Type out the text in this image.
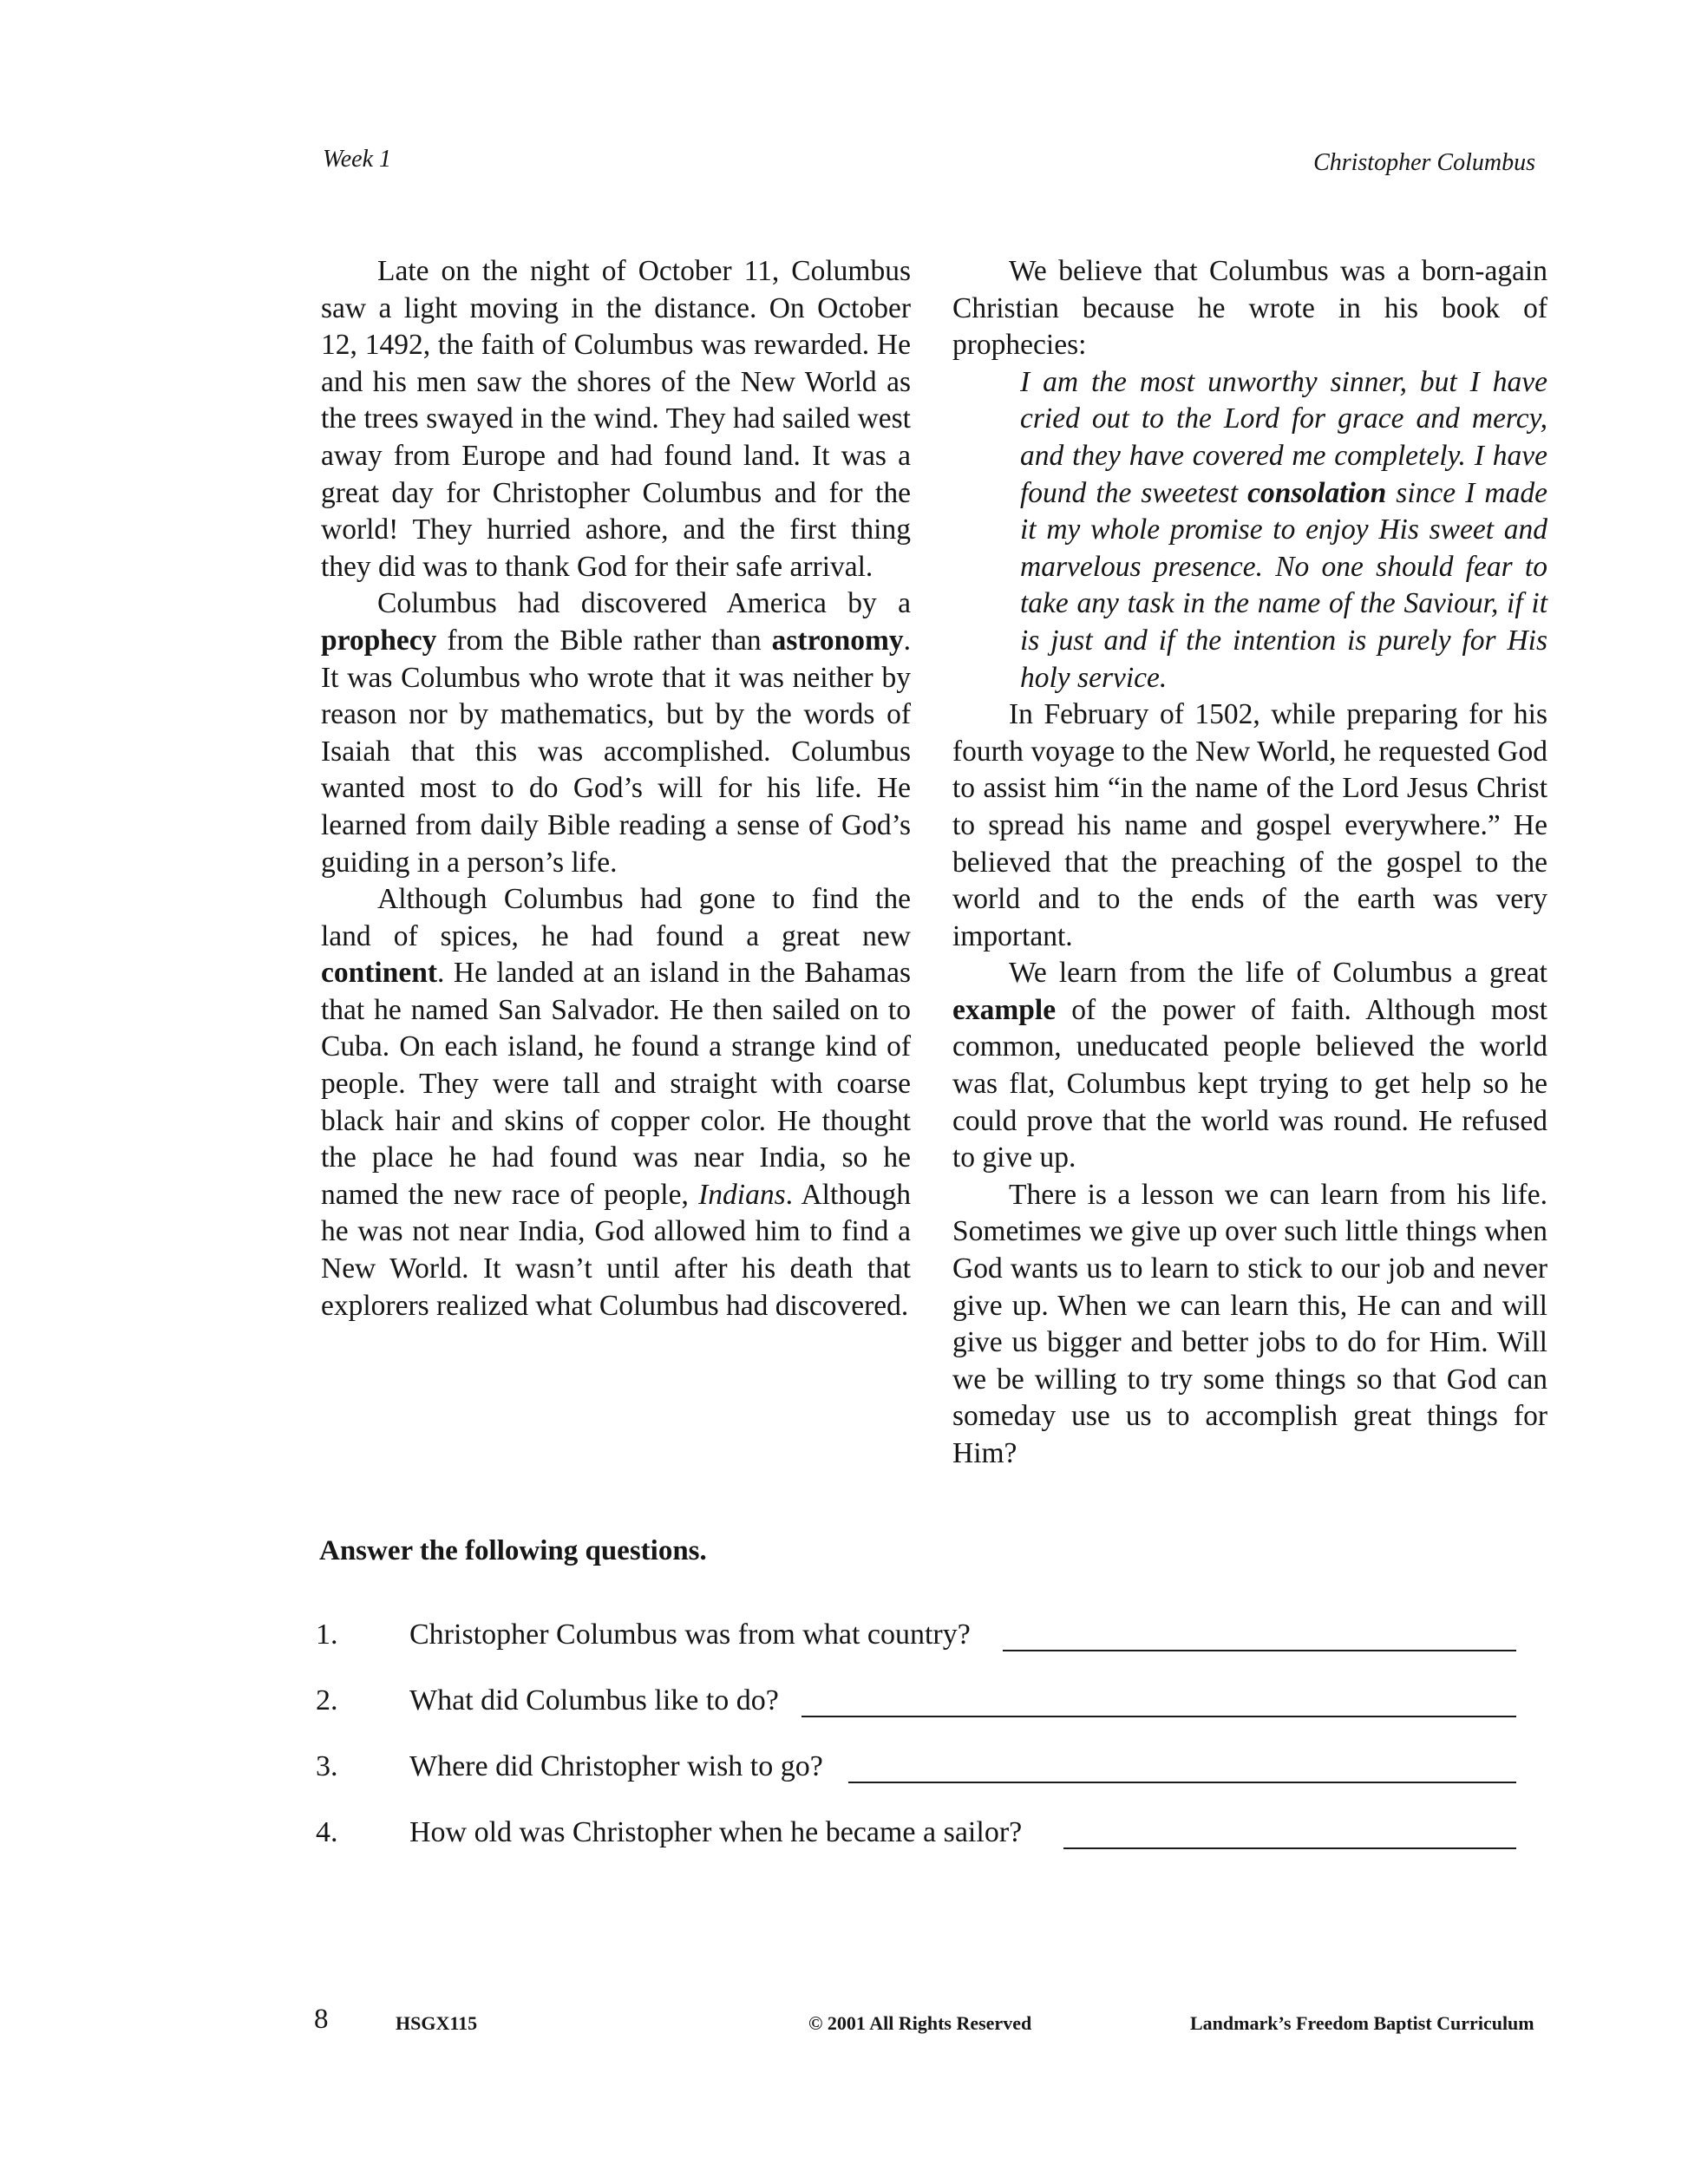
Week 1	Christopher Columbus

Late on the night of October 11, Columbus saw a light moving in the distance. On October 12, 1492, the faith of Columbus was rewarded. He and his men saw the shores of the New World as the trees swayed in the wind. They had sailed west away from Europe and had found land. It was a great day for Christopher Columbus and for the world! They hurried ashore, and the first thing they did was to thank God for their safe arrival.

Columbus had discovered America by a prophecy from the Bible rather than astronomy. It was Columbus who wrote that it was neither by reason nor by mathematics, but by the words of Isaiah that this was accomplished. Columbus wanted most to do God’s will for his life. He learned from daily Bible reading a sense of God’s guiding in a person’s life.

Although Columbus had gone to find the land of spices, he had found a great new continent. He landed at an island in the Bahamas that he named San Salvador. He then sailed on to Cuba. On each island, he found a strange kind of people. They were tall and straight with coarse black hair and skins of copper color. He thought the place he had found was near India, so he named the new race of people, Indians. Although he was not near India, God allowed him to find a New World. It wasn’t until after his death that explorers realized what Columbus had discovered.

We believe that Columbus was a born-again Christian because he wrote in his book of prophecies:

I am the most unworthy sinner, but I have cried out to the Lord for grace and mercy, and they have covered me completely. I have found the sweetest consolation since I made it my whole promise to enjoy His sweet and marvelous presence. No one should fear to take any task in the name of the Saviour, if it is just and if the intention is purely for His holy service.

In February of 1502, while preparing for his fourth voyage to the New World, he requested God to assist him “in the name of the Lord Jesus Christ to spread his name and gospel everywhere.” He believed that the preaching of the gospel to the world and to the ends of the earth was very important.

We learn from the life of Columbus a great example of the power of faith. Although most common, uneducated people believed the world was flat, Columbus kept trying to get help so he could prove that the world was round. He refused to give up.

There is a lesson we can learn from his life. Sometimes we give up over such little things when God wants us to learn to stick to our job and never give up. When we can learn this, He can and will give us bigger and better jobs to do for Him. Will we be willing to try some things so that God can someday use us to accomplish great things for Him?

Answer the following questions.
1. Christopher Columbus was from what country?
2. What did Columbus like to do?
3. Where did Christopher wish to go?
4. How old was Christopher when he became a sailor?
8	HSGX115	© 2001 All Rights Reserved	Landmark’s Freedom Baptist Curriculum
